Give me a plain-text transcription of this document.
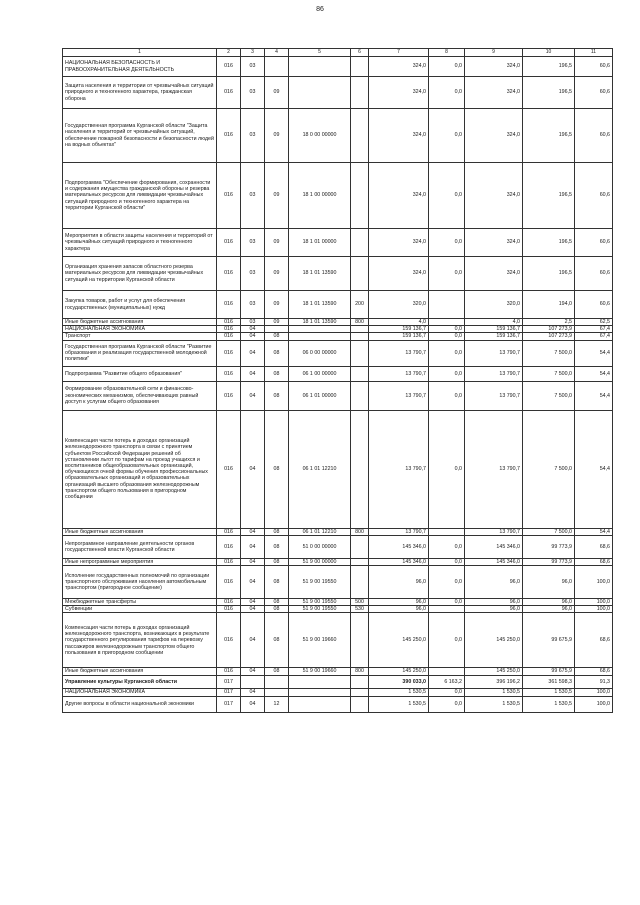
86
1	2	3	4	5	6	7	8	9	10	11
НАЦИОНАЛЬНАЯ БЕЗОПАСНОСТЬ И ПРАВООХРАНИТЕЛЬНАЯ ДЕЯТЕЛЬНОСТЬ	016	03				324,0	0,0	324,0	196,5	60,6
Защита населения и территории от чрезвычайных ситуаций природного и техногенного характера, гражданская оборона	016	03	09			324,0	0,0	324,0	196,5	60,6
Государственная программа Курганской области "Защита населения и территорий от чрезвычайных ситуаций, обеспечение пожарной безопасности и безопасности людей на водных объектах"	016	03	09	18 0 00 00000		324,0	0,0	324,0	196,5	60,6
Подпрограмма "Обеспечение формирования, сохранности и содержания имущества гражданской обороны и резерва материальных ресурсов для ликвидации чрезвычайных ситуаций природного и техногенного характера на территории Курганской области"	016	03	09	18 1 00 00000		324,0	0,0	324,0	196,5	60,6
Мероприятия в области защиты населения и территорий от чрезвычайных ситуаций природного и техногенного характера	016	03	09	18 1 01 00000		324,0	0,0	324,0	196,5	60,6
Организация хранения запасов областного резерва материальных ресурсов для ликвидации чрезвычайных ситуаций на территории Курганской области	016	03	09	18 1 01 13590		324,0	0,0	324,0	196,5	60,6
Закупка товаров, работ и услуг для обеспечения государственных (муниципальных) нужд	016	03	09	18 1 01 13590	200	320,0		320,0	194,0	60,6
Иные бюджетные ассигнования	016	03	09	18 1 01 13590	800	4,0		4,0	2,5	62,5
НАЦИОНАЛЬНАЯ ЭКОНОМИКА	016	04				159 136,7	0,0	159 136,7	107 273,9	67,4
Транспорт	016	04	08			159 136,7	0,0	159 136,7	107 273,9	67,4
Государственная программа Курганской области "Развитие образования и реализация государственной молодежной политики"	016	04	08	06 0 00 00000		13 790,7	0,0	13 790,7	7 500,0	54,4
Подпрограмма "Развитие общего образования"	016	04	08	06 1 00 00000		13 790,7	0,0	13 790,7	7 500,0	54,4
Формирование образовательной сети и финансово-экономических механизмов, обеспечивающих равный доступ к услугам общего образования	016	04	08	06 1 01 00000		13 790,7	0,0	13 790,7	7 500,0	54,4
Компенсация части потерь в доходах организаций железнодорожного транспорта в связи с принятием субъектом Российской Федерации решений об установлении льгот по тарифам на проезд учащихся и воспитанников общеобразовательных организаций, обучающихся очной формы обучения профессиональных образовательных организаций и образовательных организаций высшего образования железнодорожным транспортом общего пользования в пригородном сообщении	016	04	08	06 1 01 12210		13 790,7	0,0	13 790,7	7 500,0	54,4
Иные бюджетные ассигнования	016	04	08	06 1 01 12210	800	13 790,7		13 790,7	7 500,0	54,4
Непрограммное направление деятельности органов государственной власти Курганской области	016	04	08	51 0 00 00000		145 346,0	0,0	145 346,0	99 773,9	68,6
Иные непрограммные мероприятия	016	04	08	51 9 00 00000		145 346,0	0,0	145 346,0	99 773,9	68,6
Исполнение государственных полномочий по организации транспортного обслуживания населения автомобильным транспортом (пригородное сообщение)	016	04	08	51 9 00 19550		96,0	0,0	96,0	96,0	100,0
Межбюджетные трансферты	016	04	08	51 9 00 19550	500	96,0	0,0	96,0	96,0	100,0
Субвенции	016	04	08	51 9 00 19550	530	96,0		96,0	96,0	100,0
Компенсация части потерь в доходах организаций железнодорожного транспорта, возникающих в результате государственного регулирования тарифов на перевозку пассажиров железнодорожным транспортом общего пользования в пригородном сообщении	016	04	08	51 9 00 19660		145 250,0	0,0	145 250,0	99 675,9	68,6
Иные бюджетные ассигнования	016	04	08	51 9 00 19660	800	145 250,0		145 250,0	99 675,9	68,6
Управление культуры Курганской области	017					390 033,0	6 163,2	396 196,2	361 598,3	91,3
НАЦИОНАЛЬНАЯ ЭКОНОМИКА	017	04				1 530,5	0,0	1 530,5	1 530,5	100,0
Другие вопросы в области национальной экономики	017	04	12			1 530,5	0,0	1 530,5	1 530,5	100,0
